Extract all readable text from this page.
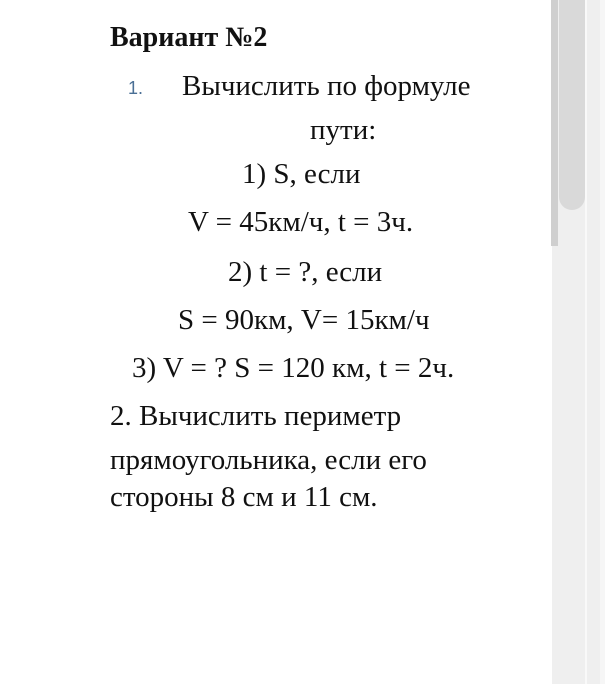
Вариант №2
1. Вычислить по формуле
пути:
1) S, если
V = 45км/ч, t = 3ч.
2) t = ?, если
S = 90км, V= 15км/ч
3) V = ? S = 120 км, t = 2ч.
2. Вычислить периметр
прямоугольника, если его
стороны 8 см и 11 см.
